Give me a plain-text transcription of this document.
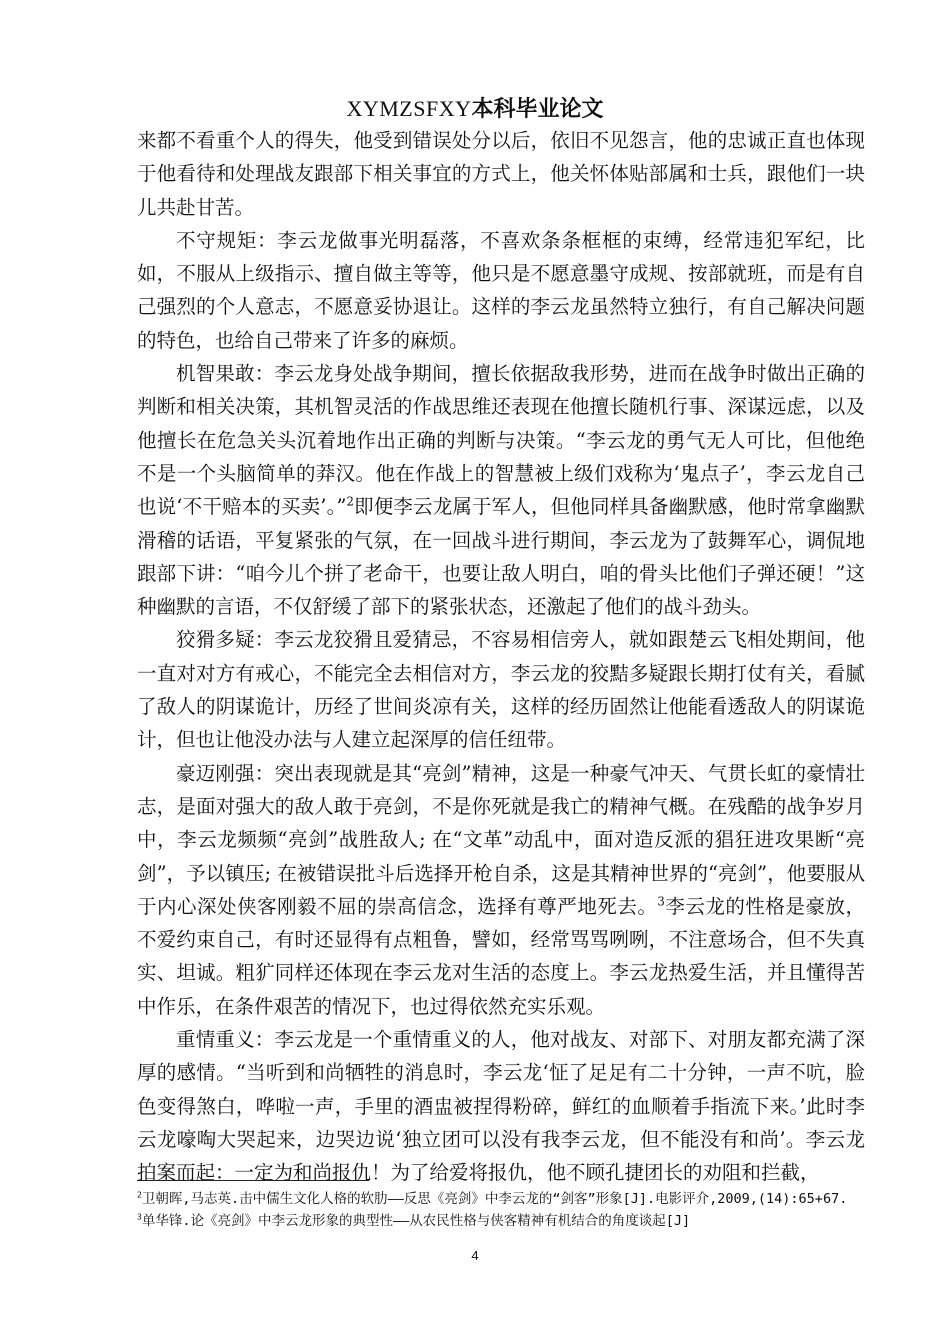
XYMZSFXY本科毕业论文

来都不看重个人的得失，他受到错误处分以后，依旧不见怨言，他的忠诚正直也体现于他看待和处理战友跟部下相关事宜的方式上，他关怀体贴部属和士兵，跟他们一块儿共赴甘苦。

不守规矩：李云龙做事光明磊落，不喜欢条条框框的束缚，经常违犯军纪，比如，不服从上级指示、擅自做主等等，他只是不愿意墨守成规、按部就班，而是有自己强烈的个人意志，不愿意妥协退让。这样的李云龙虽然特立独行，有自己解决问题的特色，也给自己带来了许多的麻烦。

机智果敢：李云龙身处战争期间，擅长依据敌我形势，进而在战争时做出正确的判断和相关决策，其机智灵活的作战思维还表现在他擅长随机行事、深谋远虑，以及他擅长在危急关头沉着地作出正确的判断与决策。“李云龙的勇气无人可比，但他绝不是一个头脑简单的莽汉。他在作战上的智慧被上级们戏称为‘鬼点子’，李云龙自己也说‘不干赔本的买卖’。”$^2$即便李云龙属于军人，但他同样具备幽默感，他时常拿幽默滑稽的话语，平复紧张的气氛，在一回战斗进行期间，李云龙为了鼓舞军心，调侃地跟部下讲：“咱今儿个拼了老命干，也要让敌人明白，咱的骨头比他们子弹还硬！”这种幽默的言语，不仅舒缓了部下的紧张状态，还激起了他们的战斗劲头。

狡猾多疑：李云龙狡猾且爱猜忌，不容易相信旁人，就如跟楚云飞相处期间，他一直对对方有戒心，不能完全去相信对方，李云龙的狡黠多疑跟长期打仗有关，看腻了敌人的阴谋诡计，历经了世间炎凉有关，这样的经历固然让他能看透敌人的阴谋诡计，但也让他没办法与人建立起深厚的信任纽带。

豪迈刚强：突出表现就是其“亮剑”精神，这是一种豪气冲天、气贯长虹的豪情壮志，是面对强大的敌人敢于亮剑，不是你死就是我亡的精神气概。在残酷的战争岁月中，李云龙频频“亮剑”战胜敌人; 在“文革”动乱中，面对造反派的猖狂进攻果断“亮剑”，予以镇压; 在被错误批斗后选择开枪自杀，这是其精神世界的“亮剑”，他要服从于内心深处侠客刚毅不屈的崇高信念，选择有尊严地死去。$^3$李云龙的性格是豪放，不爱约束自己，有时还显得有点粗鲁，譬如，经常骂骂咧咧，不注意场合，但不失真实、坦诚。粗犷同样还体现在李云龙对生活的态度上。李云龙热爱生活，并且懂得苦中作乐，在条件艰苦的情况下，也过得依然充实乐观。

重情重义：李云龙是一个重情重义的人，他对战友、对部下、对朋友都充满了深厚的感情。“当听到和尚牺牲的消息时，李云龙‘怔了足足有二十分钟，一声不吭，脸色变得煞白，哗啦一声，手里的酒盅被捏得粉碎，鲜红的血顺着手指流下来。’此时李云龙嚎啕大哭起来，边哭边说‘独立团可以没有我李云龙，但不能没有和尚’。李云龙拍案而起：一定为和尚报仇！为了给爱将报仇，他不顾孔捷团长的劝阻和拦截，

$^2$卫朝晖,马志英.击中儒生文化人格的软肋——反思《亮剑》中李云龙的“剑客”形象[J].电影评介,2009,(14):65+67.
$^3$单华锋.论《亮剑》中李云龙形象的典型性——从农民性格与侠客精神有机结合的角度谈起[J]
4
